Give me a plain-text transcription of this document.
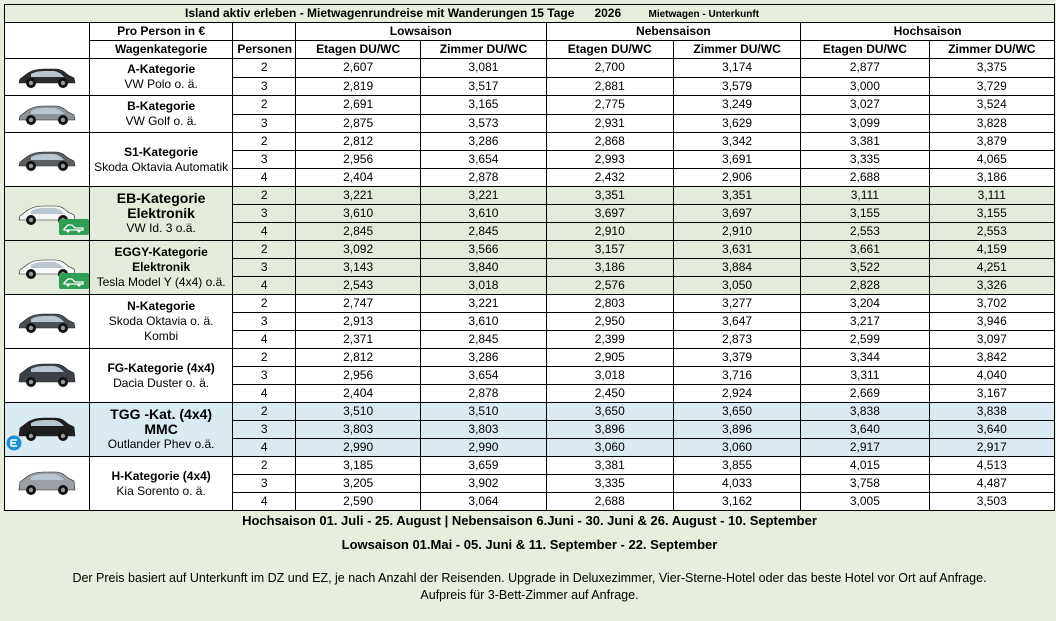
Island aktiv erleben - Mietwagenrundreise mit Wanderungen 15 Tage 2026 Mietwagen - Unterkunft								
	Pro Person in €		Lowsaison		Nebensaison		Hochsaison	
	Wagenkategorie	Personen	Etagen DU/WC	Zimmer DU/WC	Etagen DU/WC	Zimmer DU/WC	Etagen DU/WC	Zimmer DU/WC

A-Kategorie
VW Polo o. ä.	2	2,607	3,081	2,700	3,174	2,877	3,375
		3	2,819	3,517	2,881	3,579	3,000	3,729

B-Kategorie
VW Golf o. ä.	2	2,691	3,165	2,775	3,249	3,027	3,524
		3	2,875	3,573	2,931	3,629	3,099	3,828

S1-Kategorie
Skoda Oktavia Automatik	2	2,812	3,286	2,868	3,342	3,381	3,879
		3	2,956	3,654	2,993	3,691	3,335	4,065
		4	2,404	2,878	2,432	2,906	2,688	3,186

EB-Kategorie
Elektronik
VW Id. 3 o.ä.	2	3,221	3,221	3,351	3,351	3,111	3,111
		3	3,610	3,610	3,697	3,697	3,155	3,155
		4	2,845	2,845	2,910	2,910	2,553	2,553

EGGY-Kategorie
Elektronik
Tesla Model Y (4x4) o.ä.	2	3,092	3,566	3,157	3,631	3,661	4,159
		3	3,143	3,840	3,186	3,884	3,522	4,251
		4	2,543	3,018	2,576	3,050	2,828	3,326

N-Kategorie
Skoda Oktavia o. ä.
Kombi	2	2,747	3,221	2,803	3,277	3,204	3,702
		3	2,913	3,610	2,950	3,647	3,217	3,946
		4	2,371	2,845	2,399	2,873	2,599	3,097

FG-Kategorie (4x4)
Dacia Duster o. ä.	2	2,812	3,286	2,905	3,379	3,344	3,842
		3	2,956	3,654	3,018	3,716	3,311	4,040
		4	2,404	2,878	2,450	2,924	2,669	3,167

TGG -Kat. (4x4)
MMC
Outlander Phev o.ä.	2	3,510	3,510	3,650	3,650	3,838	3,838
		3	3,803	3,803	3,896	3,896	3,640	3,640
		4	2,990	2,990	3,060	3,060	2,917	2,917

H-Kategorie (4x4)
Kia Sorento o. ä.	2	3,185	3,659	3,381	3,855	4,015	4,513
		3	3,205	3,902	3,335	4,033	3,758	4,487
		4	2,590	3,064	2,688	3,162	3,005	3,503
Hochsaison 01. Juli - 25. August | Nebensaison 6.Juni - 30. Juni & 26. August - 10. September
Lowsaison 01.Mai - 05. Juni & 11. September - 22. September
Der Preis basiert auf Unterkunft im DZ und EZ, je nach Anzahl der Reisenden. Upgrade in Deluxezimmer, Vier-Sterne-Hotel oder das beste Hotel vor Ort auf Anfrage.
Aufpreis für 3-Bett-Zimmer auf Anfrage.
